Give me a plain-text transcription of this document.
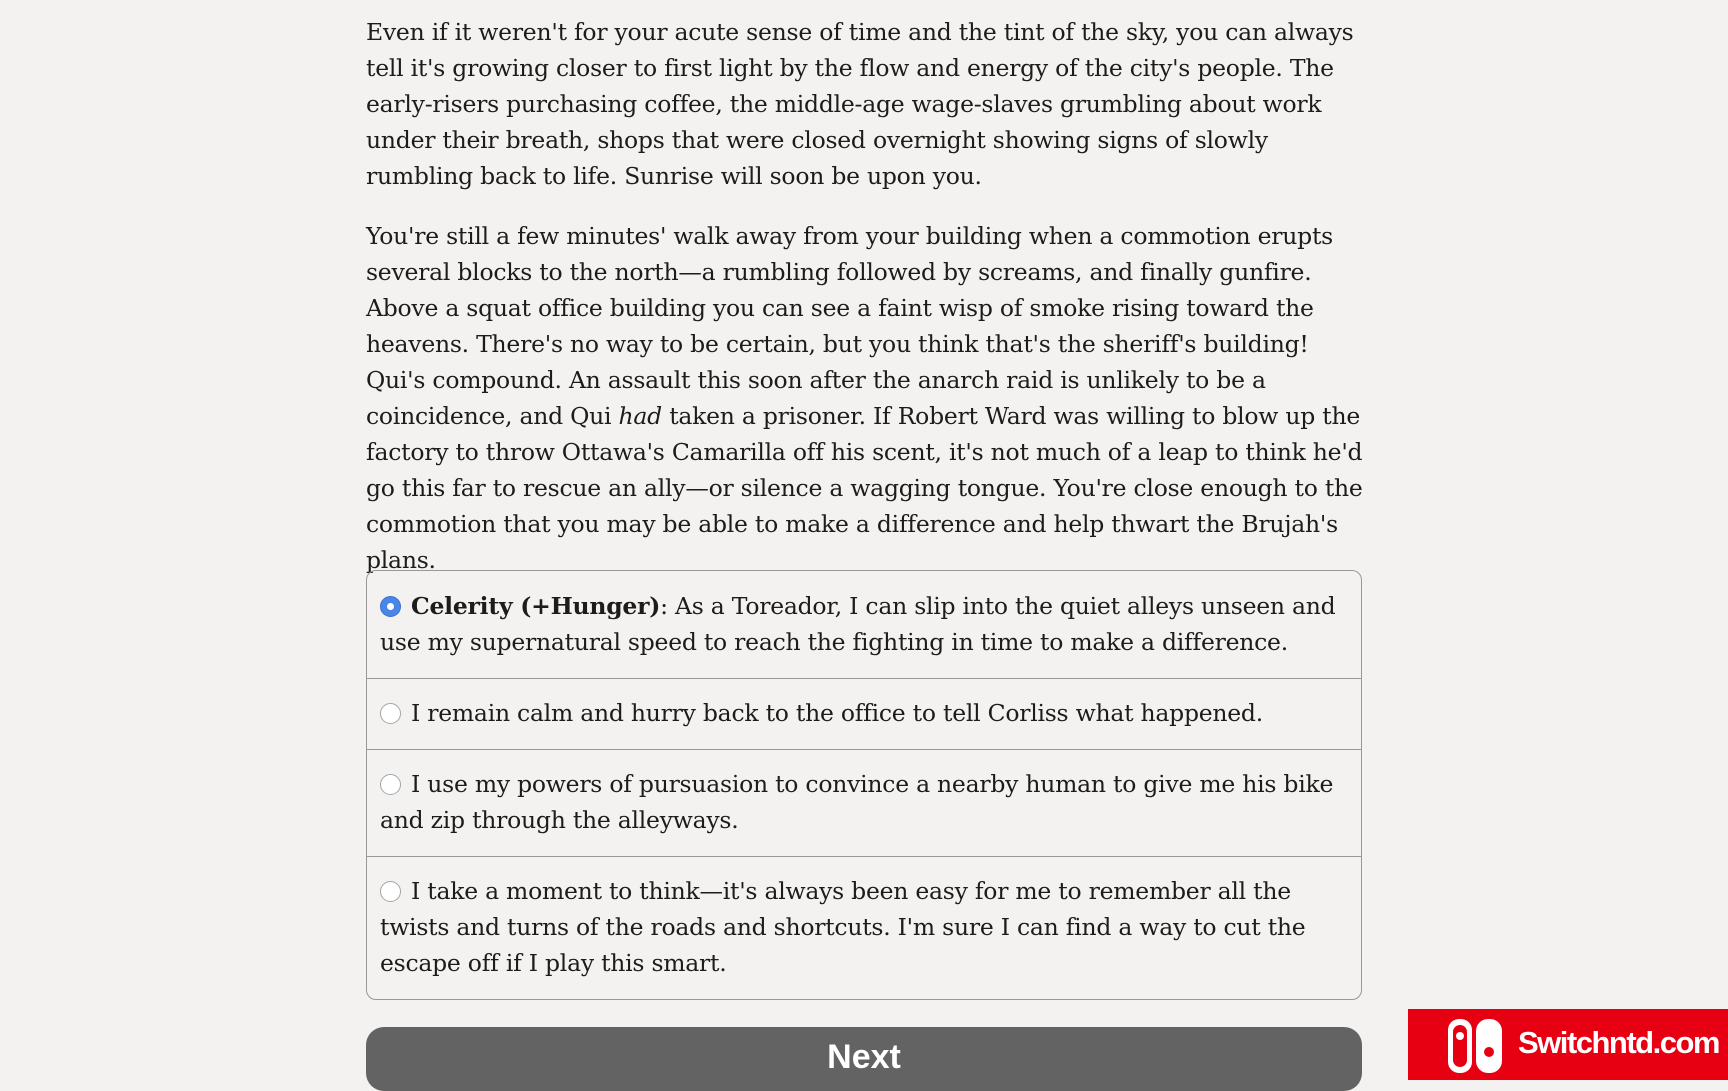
Even if it weren't for your acute sense of time and the tint of the sky, you can always tell it's growing closer to first light by the flow and energy of the city's people. The early-risers purchasing coffee, the middle-age wage-slaves grumbling about work under their breath, shops that were closed overnight showing signs of slowly rumbling back to life. Sunrise will soon be upon you.

You're still a few minutes' walk away from your building when a commotion erupts several blocks to the north—a rumbling followed by screams, and finally gunfire. Above a squat office building you can see a faint wisp of smoke rising toward the heavens. There's no way to be certain, but you think that's the sheriff's building! Qui's compound. An assault this soon after the anarch raid is unlikely to be a coincidence, and Qui had taken a prisoner. If Robert Ward was willing to blow up the factory to throw Ottawa's Camarilla off his scent, it's not much of a leap to think he'd go this far to rescue an ally—or silence a wagging tongue. You're close enough to the commotion that you may be able to make a difference and help thwart the Brujah's plans.

Celerity (+Hunger): As a Toreador, I can slip into the quiet alleys unseen and use my supernatural speed to reach the fighting in time to make a difference.
I remain calm and hurry back to the office to tell Corliss what happened.
I use my powers of pursuasion to convince a nearby human to give me his bike and zip through the alleyways.
I take a moment to think—it's always been easy for me to remember all the twists and turns of the roads and shortcuts. I'm sure I can find a way to cut the escape off if I play this smart.
Next	Switchntd.com
